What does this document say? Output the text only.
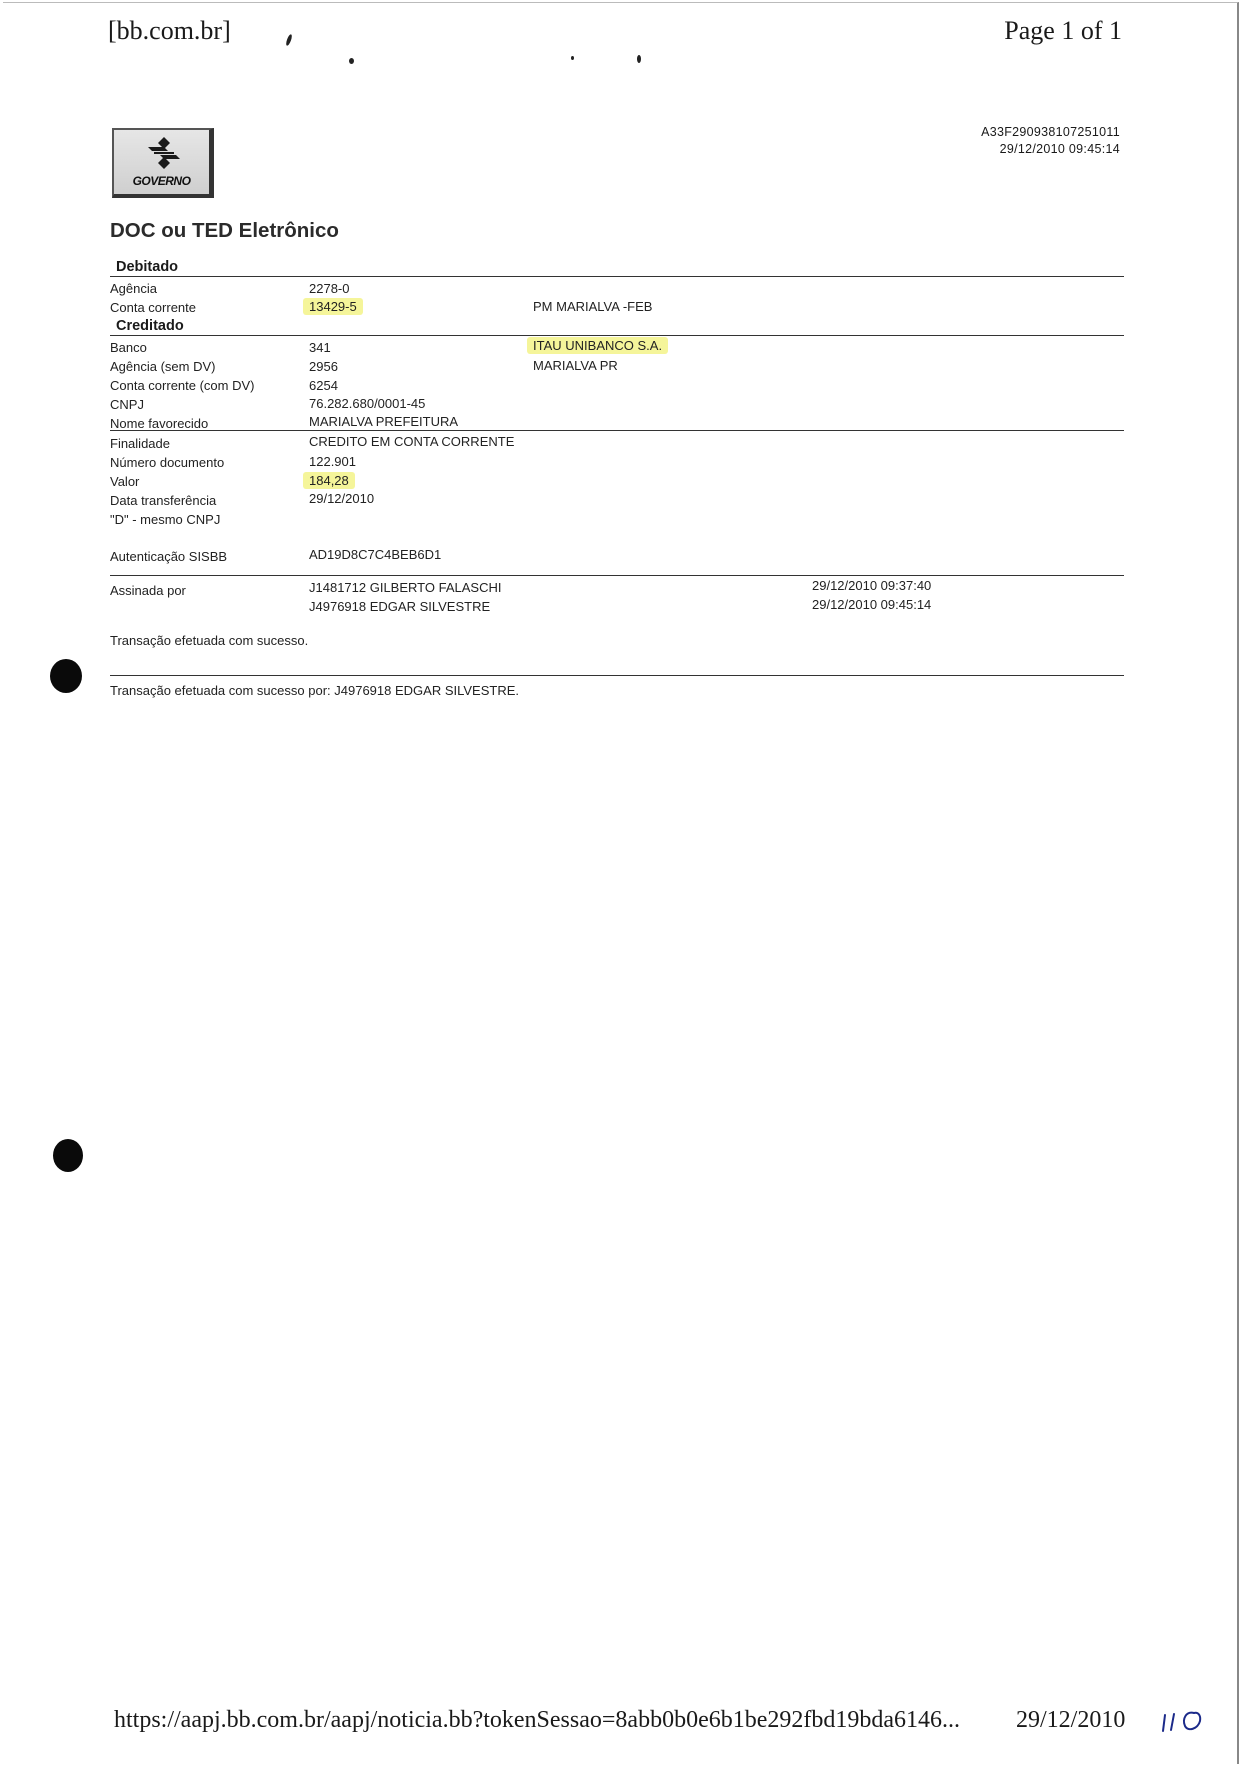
[bb.com.br]	Page 1 of 1
GOVERNO
A33F290938107251011
29/12/2010 09:45:14
DOC ou TED Eletrônico
Debitado
Agência	2278-0
Conta corrente	13429-5	PM MARIALVA -FEB
Creditado
Banco	341	ITAU UNIBANCO S.A.
Agência (sem DV)	2956	MARIALVA PR
Conta corrente (com DV)	6254
CNPJ	76.282.680/0001-45
Nome favorecido	MARIALVA PREFEITURA
Finalidade	CREDITO EM CONTA CORRENTE
Número documento	122.901
Valor	184,28
Data transferência	29/12/2010
"D" - mesmo CNPJ
Autenticação SISBB	AD19D8C7C4BEB6D1
Assinada por	J1481712 GILBERTO FALASCHI	29/12/2010 09:37:40
J4976918 EDGAR SILVESTRE	29/12/2010 09:45:14
Transação efetuada com sucesso.
Transação efetuada com sucesso por: J4976918 EDGAR SILVESTRE.
https://aapj.bb.com.br/aapj/noticia.bb?tokenSessao=8abb0b0e6b1be292fbd19bda6146... 29/12/2010
